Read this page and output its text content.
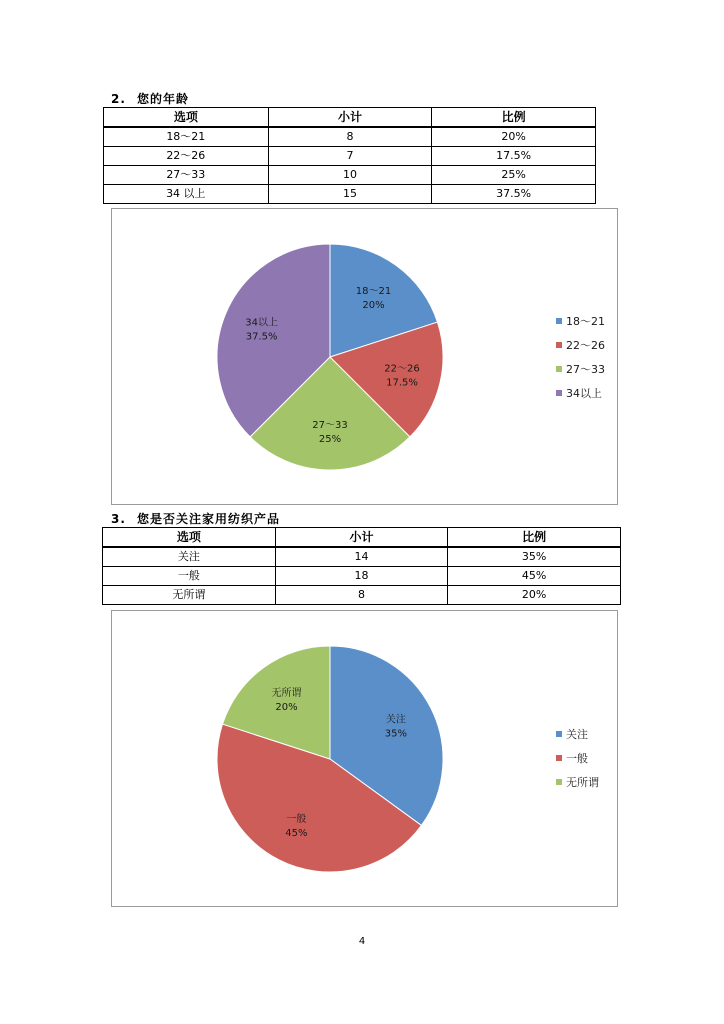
2. 您的年龄
选项	小计	比例
18～21	8	20%
22～26	7	17.5%
27～33	10	25%
34 以上	15	37.5%
18～21
20%
22～26
17.5%
27～33
25%
34以上
37.5%
18～21
22～26
27～33
34以上
3. 您是否关注家用纺织产品
选项	小计	比例
关注	14	35%
一般	18	45%
无所谓	8	20%
关注
35%
一般
45%
无所谓
20%
关注
一般
无所谓
4
